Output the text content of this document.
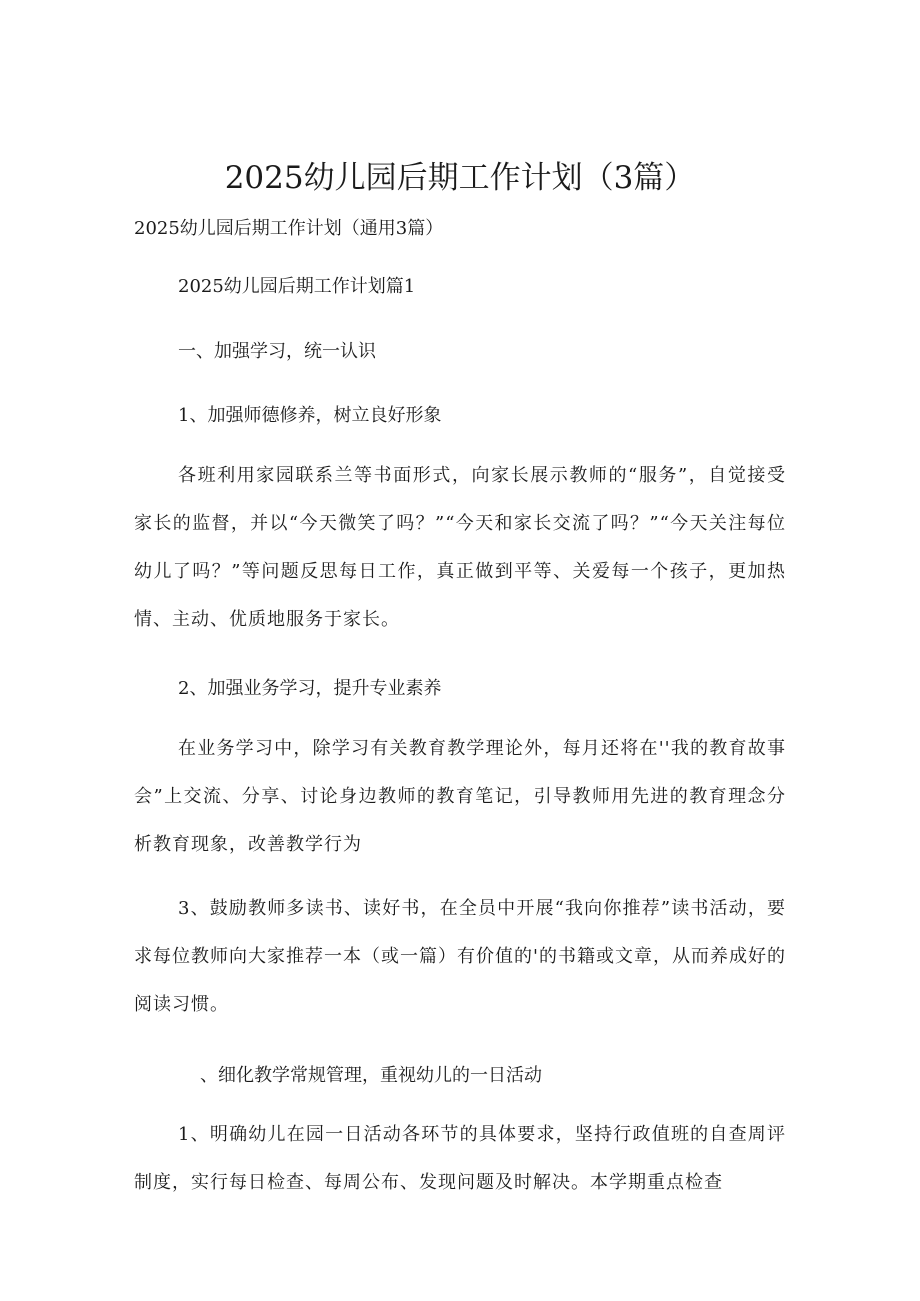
2025幼儿园后期工作计划（3篇）

2025幼儿园后期工作计划（通用3篇）

2025幼儿园后期工作计划篇1

一、加强学习，统一认识

1、加强师德修养，树立良好形象

各班利用家园联系兰等书面形式，向家长展示教师的“服务”，自觉接受家长的监督，并以“今天微笑了吗？”“今天和家长交流了吗？”“今天关注每位幼儿了吗？”等问题反思每日工作，真正做到平等、关爱每一个孩子，更加热情、主动、优质地服务于家长。

2、加强业务学习，提升专业素养

在业务学习中，除学习有关教育教学理论外，每月还将在''我的教育故事会”上交流、分享、讨论身边教师的教育笔记，引导教师用先进的教育理念分析教育现象，改善教学行为

3、鼓励教师多读书、读好书，在全员中开展“我向你推荐”读书活动，要求每位教师向大家推荐一本（或一篇）有价值的'的书籍或文章，从而养成好的阅读习惯。

、细化教学常规管理，重视幼儿的一日活动

1、明确幼儿在园一日活动各环节的具体要求，坚持行政值班的自查周评制度，实行每日检查、每周公布、发现问题及时解决。本学期重点检查
